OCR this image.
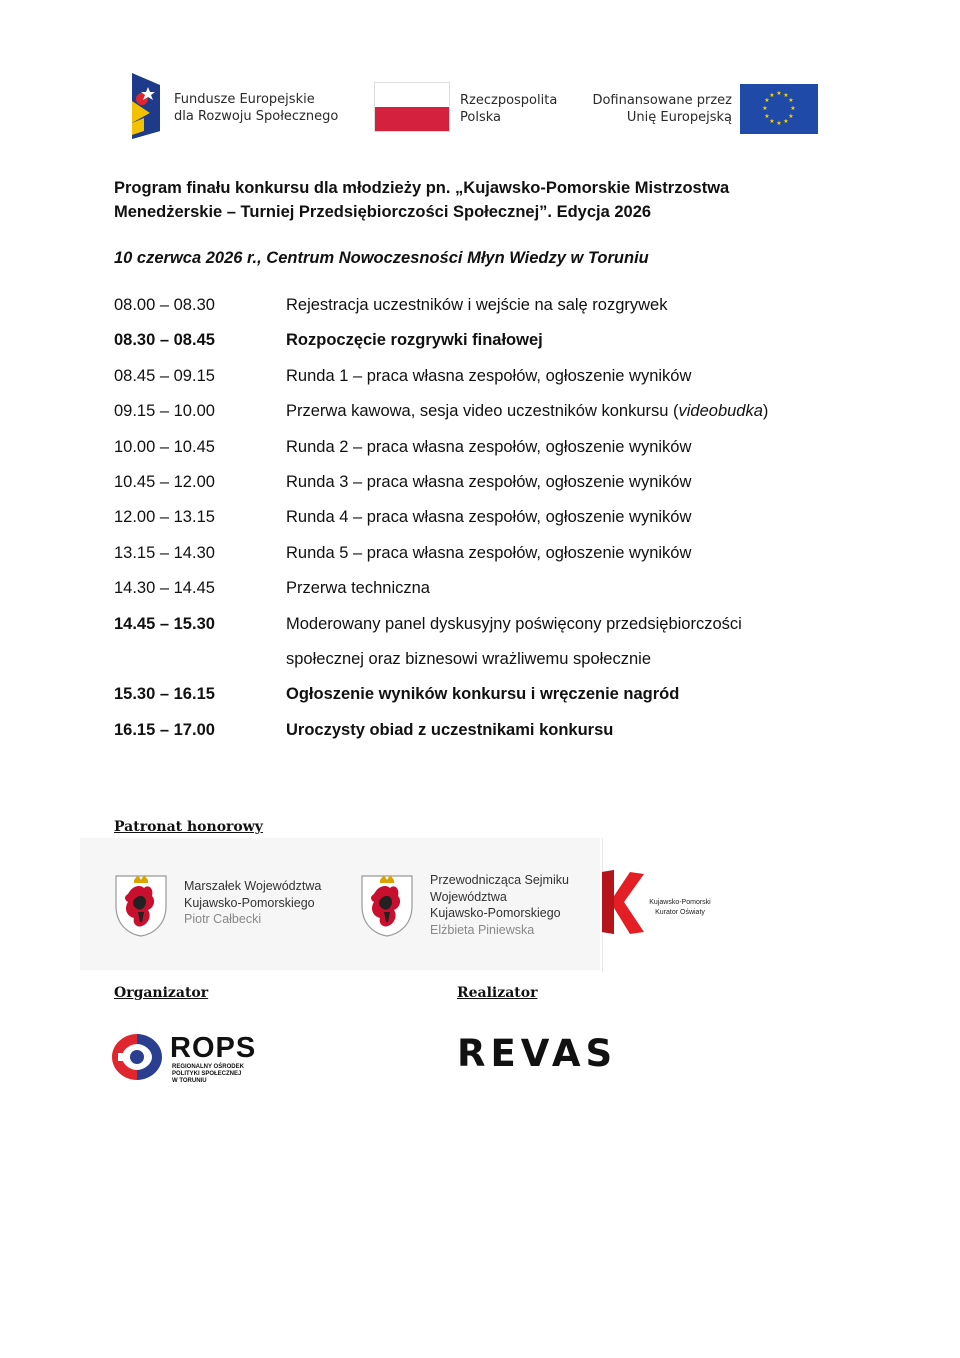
Fundusze Europejskie
dla Rozwoju Społecznego
Rzeczpospolita
Polska
Dofinansowane przez
Unię Europejską
★ ★
★
★
★
★
★
★
★
★
★
★
Program finału konkursu dla młodzieży pn. „Kujawsko-Pomorskie Mistrzostwa Menedżerskie – Turniej Przedsiębiorczości Społecznej”. Edycja 2026
10 czerwca 2026 r., Centrum Nowoczesności Młyn Wiedzy w Toruniu
08.00 – 08.30	Rejestracja uczestników i wejście na salę rozgrywek
08.30 – 08.45	Rozpoczęcie rozgrywki finałowej
08.45 – 09.15	Runda 1 – praca własna zespołów, ogłoszenie wyników
09.15 – 10.00	Przerwa kawowa, sesja video uczestników konkursu (videobudka)
10.00 – 10.45	Runda 2 – praca własna zespołów, ogłoszenie wyników
10.45 – 12.00	Runda 3 – praca własna zespołów, ogłoszenie wyników
12.00 – 13.15	Runda 4 – praca własna zespołów, ogłoszenie wyników
13.15 – 14.30	Runda 5 – praca własna zespołów, ogłoszenie wyników
14.30 – 14.45	Przerwa techniczna
14.45 – 15.30	Moderowany panel dyskusyjny poświęcony przedsiębiorczości
społecznej oraz biznesowi wrażliwemu społecznie
15.30 – 16.15	Ogłoszenie wyników konkursu i wręczenie nagród
16.15 – 17.00	Uroczysty obiad z uczestnikami konkursu
Patronat honorowy
Marszałek Województwa
Kujawsko-Pomorskiego
Piotr Całbecki
Przewodnicząca Sejmiku
Województwa
Kujawsko-Pomorskiego
Elżbieta Piniewska
Kujawsko-Pomorski
Kurator Oświaty
Organizator	Realizator
ROPS
REGIONALNY OŚRODEK
POLITYKI SPOŁECZNEJ
W TORUNIU
REVAS
